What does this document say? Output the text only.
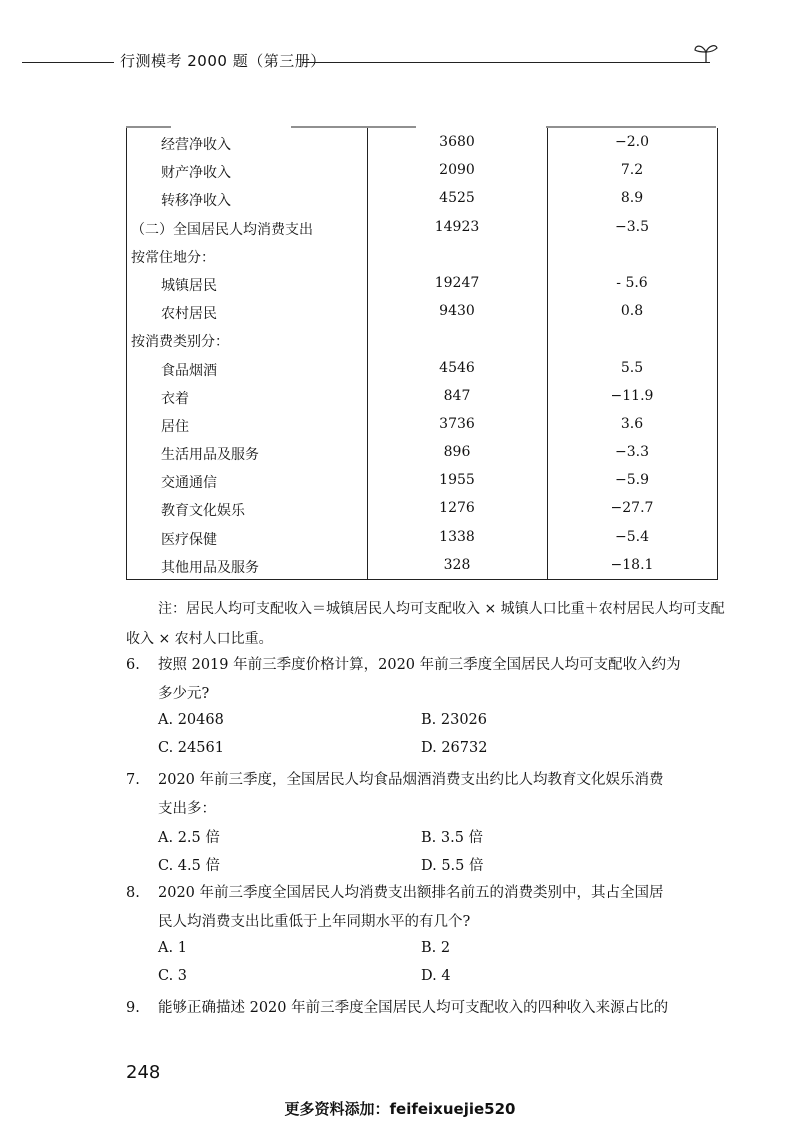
行测模考 2000 题（第三册）
经营净收入	3680	−2.0
财产净收入	2090	7.2
转移净收入	4525	8.9
（二）全国居民人均消费支出	14923	−3.5
按常住地分：
城镇居民	19247	- 5.6
农村居民	9430	0.8
按消费类别分：
食品烟酒	4546	5.5
衣着	847	−11.9
居住	3736	3.6
生活用品及服务	896	−3.3
交通通信	1955	−5.9
教育文化娱乐	1276	−27.7
医疗保健	1338	−5.4
其他用品及服务	328	−18.1
注：居民人均可支配收入＝城镇居民人均可支配收入 × 城镇人口比重＋农村居民人均可支配收入 × 农村人口比重。
6. 按照 2019 年前三季度价格计算，2020 年前三季度全国居民人均可支配收入约为
多少元?
A. 20468	B. 23026
C. 24561	D. 26732
7. 2020 年前三季度，全国居民人均食品烟酒消费支出约比人均教育文化娱乐消费
支出多：
A. 2.5 倍	B. 3.5 倍
C. 4.5 倍	D. 5.5 倍
8. 2020 年前三季度全国居民人均消费支出额排名前五的消费类别中，其占全国居
民人均消费支出比重低于上年同期水平的有几个?
A. 1	B. 2
C. 3	D. 4
9. 能够正确描述 2020 年前三季度全国居民人均可支配收入的四种收入来源占比的
248
更多资料添加：feifeixuejie520
